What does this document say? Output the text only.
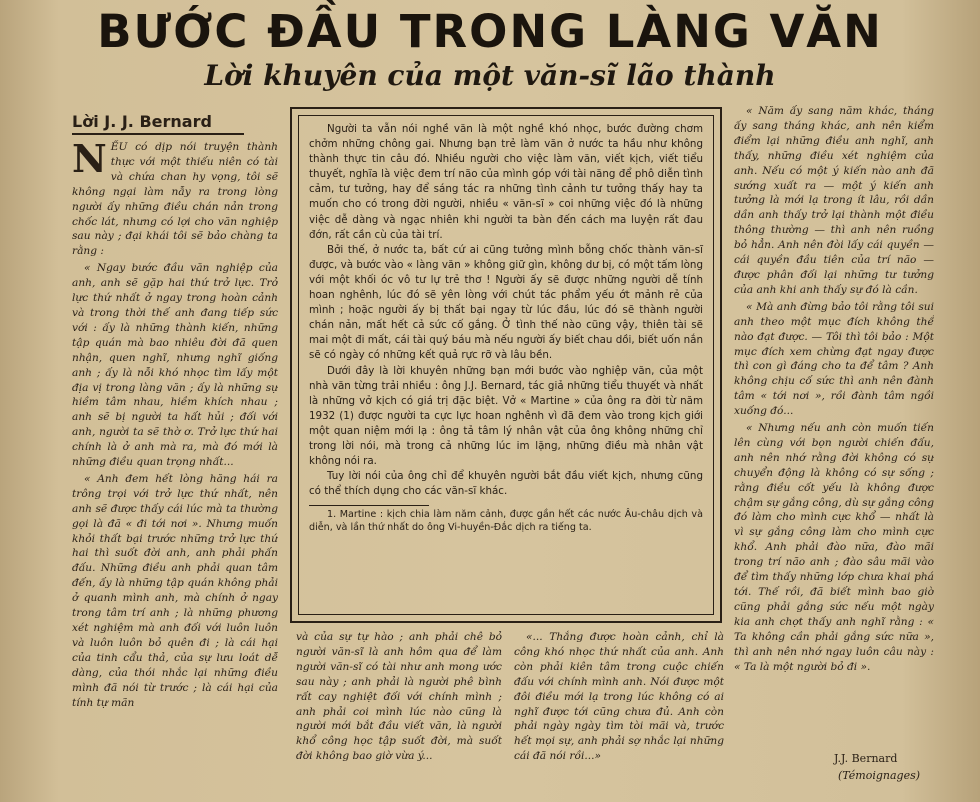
BƯỚC ĐẦU TRONG LÀNG VĂN
Lời khuyên của một văn-sĩ lão thành
Lời J. J. Bernard

NẾU có dịp nói truyện thành thực với một thiếu niên có tài và chứa chan hy vọng, tôi sẽ không ngại làm nẫy ra trong lòng người ấy những điều chán nản trong chốc lát, nhưng có lợi cho văn nghiệp sau này ; đại khái tôi sẽ bảo chàng ta rằng :

« Ngay bước đầu văn nghiệp của anh, anh sẽ gặp hai thứ trở lực. Trở lực thứ nhất ở ngay trong hoàn cảnh và trong thời thế anh đang tiếp sức với : ấy là những thành kiến, những tập quán mà bao nhiêu đời đã quen nhận, quen nghĩ, nhưng nghĩ giống anh ; ấy là nỗi khó nhọc tìm lấy một địa vị trong làng văn ; ấy là những sự hiềm tâm nhau, hiềm khích nhau ; anh sẽ bị người ta hất hủi ; đối với anh, người ta sẽ thờ ơ. Trở lực thứ hai chính là ở anh mà ra, mà đó mới là những điều quan trọng nhất...

« Anh đem hết lòng hăng hái ra trông trọi với trở lực thứ nhất, nên anh sẽ được thấy cái lúc mà ta thường gọi là đã « đi tới nơi ». Nhưng muốn khỏi thất bại trước những trở lực thứ hai thì suốt đời anh, anh phải phấn đấu. Những điều anh phải quan tâm đến, ấy là những tập quán không phải ở quanh mình anh, mà chính ở ngay trong tâm trí anh ; là những phương xét nghiệm mà anh đối với luôn luôn và luôn luôn bỏ quên đi ; là cái hại của tinh cẩu thả, của sự lưu loát dễ dàng, của thói nhắc lại những điều mình đã nói từ trước ; là cái hại của tính tự mãn

Người ta vẫn nói nghề văn là một nghề khó nhọc, bước đường chơm chởm những chông gai. Nhưng bạn trẻ làm văn ở nước ta hầu như không thành thực tin câu đó. Nhiều người cho việc làm văn, viết kịch, viết tiểu thuyết, nghĩa là việc đem trí não của mình góp với tài năng để phô diễn tình cảm, tư tưởng, hay để sáng tác ra những tình cảnh tư tưởng thấy hay ta muốn cho có trong đời người, nhiều « văn-sĩ » coi những việc đó là những việc dễ dàng và ngạc nhiên khi người ta bàn đến cách ma luyện rất đau đớn, rất cần cù của tài trí.

Bởi thế, ở nước ta, bất cứ ai cũng tưởng mình bỗng chốc thành văn-sĩ được, và bước vào « làng văn » không giữ gìn, không dư bị, có một tấm lòng với một khối óc vô tư lự trẻ thơ ! Người ấy sẽ được những người dễ tính hoan nghênh, lúc đó sẽ yên lòng với chút tác phẩm yếu ớt mảnh rẻ của mình ; hoặc người ấy bị thất bại ngay từ lúc đầu, lúc đó sẽ thành người chán nản, mất hết cả sức cố gắng. Ở tình thế nào cũng vậy, thiên tài sẽ mai một đi mất, cái tài quý báu mà nếu người ấy biết chau dồi, biết uốn nắn sẽ có ngày có những kết quả rực rỡ và lâu bền.

Dưới đây là lời khuyên những bạn mới bước vào nghiệp văn, của một nhà văn từng trải nhiều : ông J.J. Bernard, tác giả những tiểu thuyết và nhất là những vở kịch có giá trị đặc biệt. Vở « Martine » của ông ra đời từ năm 1932 (1) được người ta cực lực hoan nghênh vì đã đem vào trong kịch giới một quan niệm mới lạ : ông tả tâm lý nhân vật của ông không những chỉ trong lời nói, mà trong cả những lúc im lặng, những điều mà nhân vật không nói ra.

Tuy lời nói của ông chỉ để khuyên người bắt đầu viết kịch, nhưng cũng có thể thích dụng cho các văn-sĩ khác.

1. Martine : kịch chia làm năm cảnh, được gần hết các nước Âu-châu dịch và diễn, và lần thứ nhất do ông Vi-huyền-Đắc dịch ra tiếng ta.

và của sự tự hào ; anh phải chê bỏ người văn-sĩ là anh hôm qua để làm người văn-sĩ có tài như anh mong ước sau này ; anh phải là người phê bình rất cay nghiệt đối với chính mình ; anh phải coi mình lúc nào cũng là người mới bắt đầu viết văn, là người khổ công học tập suốt đời, mà suốt đời không bao giờ vừa ý...

«... Thắng được hoàn cảnh, chỉ là công khó nhọc thứ nhất của anh. Anh còn phải kiên tâm trong cuộc chiến đấu với chính mình anh. Nói được một đôi điều mới lạ trong lúc không có ai nghĩ được tới cũng chưa đủ. Anh còn phải ngày ngày tìm tòi mãi và, trước hết mọi sự, anh phải sợ nhắc lại những cái đã nói rồi...»

« Năm ấy sang năm khác, tháng ấy sang tháng khác, anh nên kiểm điểm lại những điều anh nghĩ, anh thấy, những điều xét nghiệm của anh. Nếu có một ý kiến nào anh đã sướng xuất ra — một ý kiến anh tưởng là mới lạ trong ít lâu, rồi dần dần anh thấy trở lại thành một điều thông thường — thì anh nên ruồng bỏ hẳn. Anh nên đòi lấy cái quyền — cái quyền đầu tiên của trí não — được phân đối lại những tư tưởng của anh khi anh thấy sự đó là cần.

« Mà anh đừng bảo tôi rằng tôi sui anh theo một mục đích không thể nào đạt được. — Tôi thì tôi bảo : Một mục đích xem chừng đạt ngay được thì con gì đáng cho ta để tâm ? Anh không chịu cố sức thì anh nên đành tâm « tới nơi », rồi đành tâm ngồi xuống đó...

« Nhưng nếu anh còn muốn tiến lên cùng với bọn người chiến đấu, anh nên nhớ rằng đời không có sự chuyển động là không có sự sống ; rằng điều cốt yếu là không được chậm sự gắng công, dù sự gắng công đó làm cho mình cực khổ — nhất là vì sự gắng công làm cho mình cực khổ. Anh phải đào nữa, đào mãi trong trí não anh ; đào sâu mãi vào để tìm thấy những lớp chưa khai phá tới. Thế rồi, đã biết mình bao giờ cũng phải gắng sức nếu một ngày kia anh chợt thấy anh nghĩ rằng : « Ta không cần phải gắng sức nữa », thì anh nên nhớ ngay luôn câu này : « Ta là một người bỏ đi ».

J.J. Bernard
(Témoignages)
